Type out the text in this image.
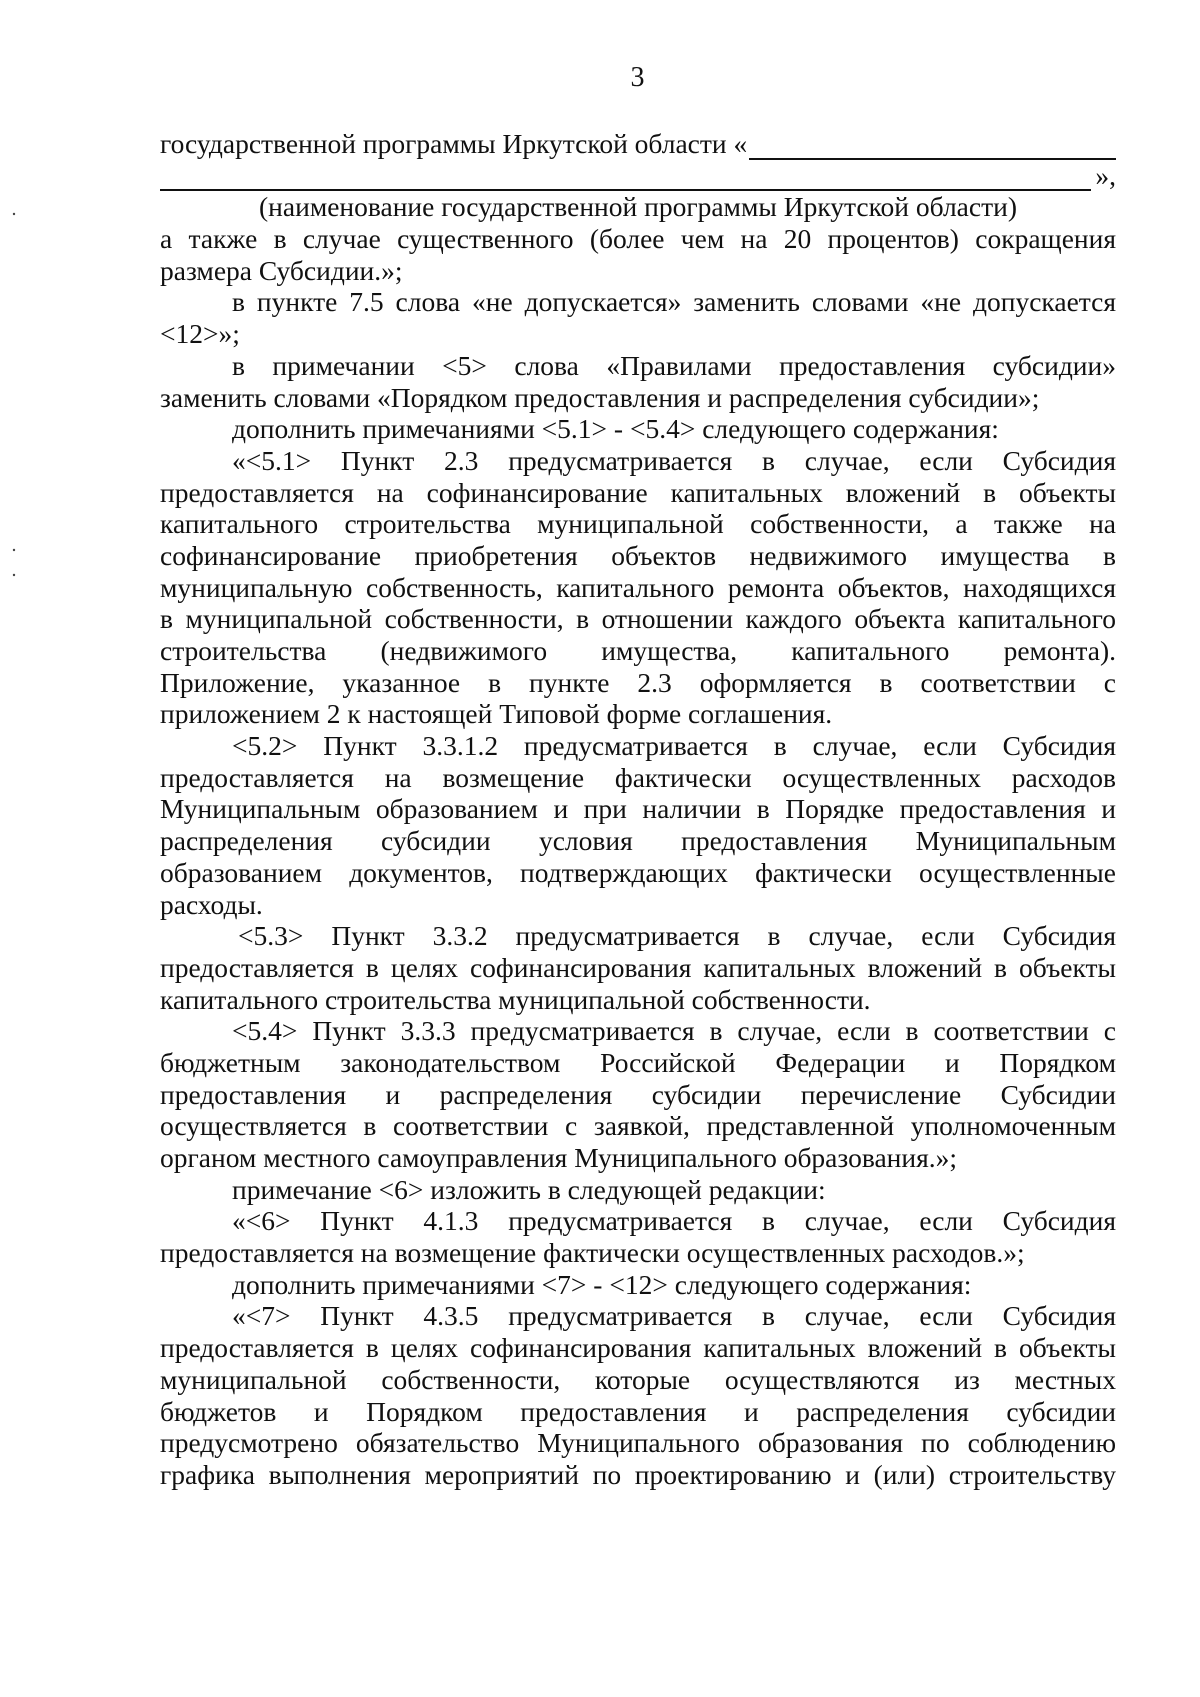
3
государственной программы Иркутской области «
»,
(наименование государственной программы Иркутской области)
а также в случае существенного (более чем на 20 процентов) сокращения
размера Субсидии.»;
в пункте 7.5 слова «не допускается» заменить словами «не допускается
<12>»;
в примечании <5> слова «Правилами предоставления субсидии»
заменить словами «Порядком предоставления и распределения субсидии»;
дополнить примечаниями <5.1> - <5.4> следующего содержания:
«<5.1> Пункт 2.3 предусматривается в случае, если Субсидия
предоставляется на софинансирование капитальных вложений в объекты
капитального строительства муниципальной собственности, а также на
софинансирование приобретения объектов недвижимого имущества в
муниципальную собственность, капитального ремонта объектов, находящихся
в муниципальной собственности, в отношении каждого объекта капитального
строительства (недвижимого имущества, капитального ремонта).
Приложение, указанное в пункте 2.3 оформляется в соответствии с
приложением 2 к настоящей Типовой форме соглашения.
<5.2> Пункт 3.3.1.2 предусматривается в случае, если Субсидия
предоставляется на возмещение фактически осуществленных расходов
Муниципальным образованием и при наличии в Порядке предоставления и
распределения субсидии условия предоставления Муниципальным
образованием документов, подтверждающих фактически осуществленные
расходы.
<5.3> Пункт 3.3.2 предусматривается в случае, если Субсидия
предоставляется в целях софинансирования капитальных вложений в объекты
капитального строительства муниципальной собственности.
<5.4> Пункт 3.3.3 предусматривается в случае, если в соответствии с
бюджетным законодательством Российской Федерации и Порядком
предоставления и распределения субсидии перечисление Субсидии
осуществляется в соответствии с заявкой, представленной уполномоченным
органом местного самоуправления Муниципального образования.»;
примечание <6> изложить в следующей редакции:
«<6> Пункт 4.1.3 предусматривается в случае, если Субсидия
предоставляется на возмещение фактически осуществленных расходов.»;
дополнить примечаниями <7> - <12> следующего содержания:
«<7> Пункт 4.3.5 предусматривается в случае, если Субсидия
предоставляется в целях софинансирования капитальных вложений в объекты
муниципальной собственности, которые осуществляются из местных
бюджетов и Порядком предоставления и распределения субсидии
предусмотрено обязательство Муниципального образования по соблюдению
графика выполнения мероприятий по проектированию и (или) строительству
